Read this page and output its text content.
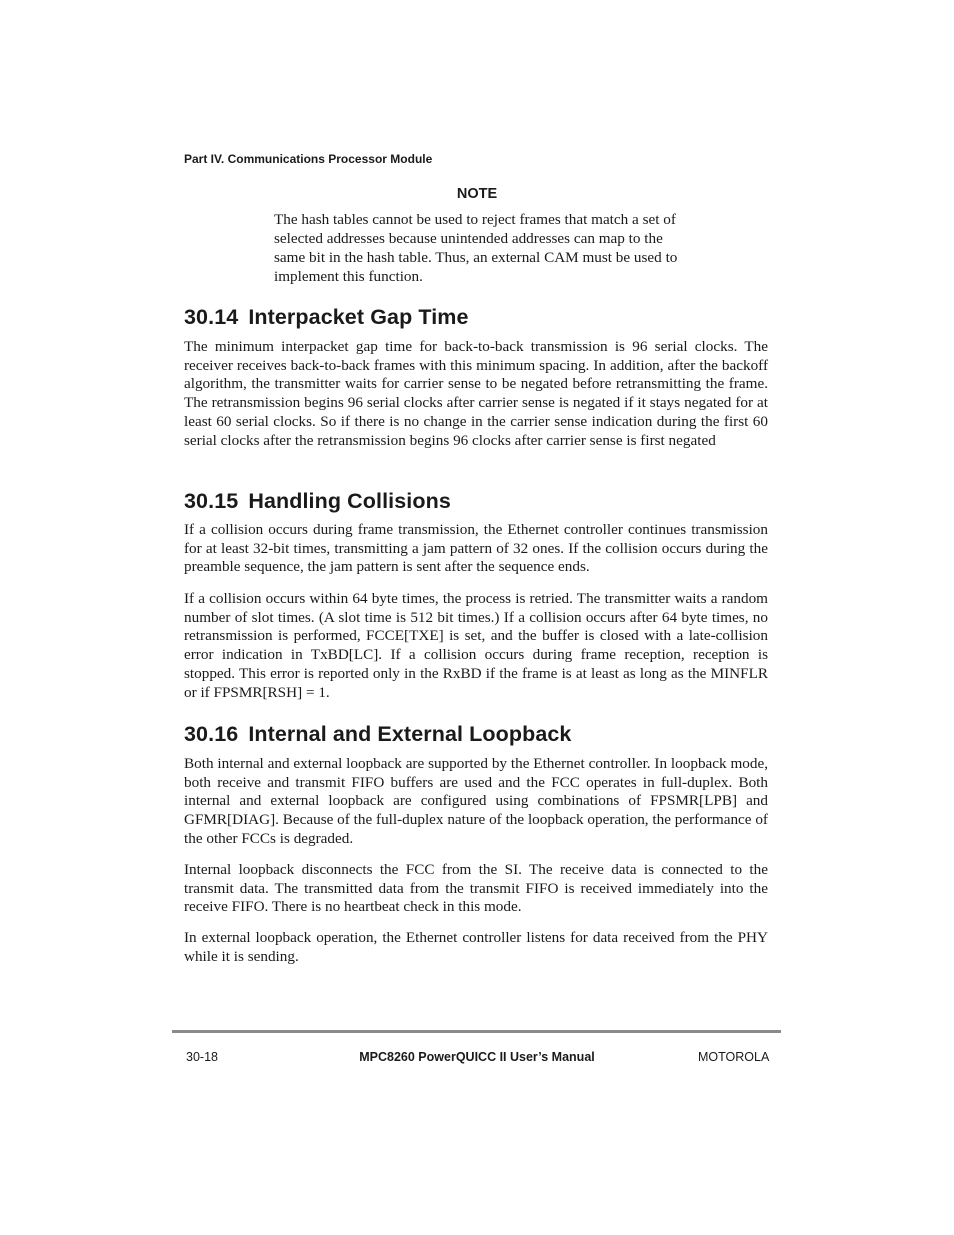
Part IV. Communications Processor Module
NOTE
The hash tables cannot be used to reject frames that match a set of selected addresses because unintended addresses can map to the same bit in the hash table. Thus, an external CAM must be used to implement this function.
30.14 Interpacket Gap Time

The minimum interpacket gap time for back-to-back transmission is 96 serial clocks. The receiver receives back-to-back frames with this minimum spacing. In addition, after the backoff algorithm, the transmitter waits for carrier sense to be negated before retransmitting the frame. The retransmission begins 96 serial clocks after carrier sense is negated if it stays negated for at least 60 serial clocks. So if there is no change in the carrier sense indication during the first 60 serial clocks after the retransmission begins 96 clocks after carrier sense is first negated

30.15 Handling Collisions

If a collision occurs during frame transmission, the Ethernet controller continues transmission for at least 32-bit times, transmitting a jam pattern of 32 ones. If the collision occurs during the preamble sequence, the jam pattern is sent after the sequence ends.

If a collision occurs within 64 byte times, the process is retried. The transmitter waits a random number of slot times. (A slot time is 512 bit times.) If a collision occurs after 64 byte times, no retransmission is performed, FCCE[TXE] is set, and the buffer is closed with a late-collision error indication in TxBD[LC]. If a collision occurs during frame reception, reception is stopped. This error is reported only in the RxBD if the frame is at least as long as the MINFLR or if FPSMR[RSH] = 1.

30.16 Internal and External Loopback

Both internal and external loopback are supported by the Ethernet controller. In loopback mode, both receive and transmit FIFO buffers are used and the FCC operates in full-duplex. Both internal and external loopback are configured using combinations of FPSMR[LPB] and GFMR[DIAG]. Because of the full-duplex nature of the loopback operation, the performance of the other FCCs is degraded.

Internal loopback disconnects the FCC from the SI. The receive data is connected to the transmit data. The transmitted data from the transmit FIFO is received immediately into the receive FIFO. There is no heartbeat check in this mode.

In external loopback operation, the Ethernet controller listens for data received from the PHY while it is sending.

30-18	MPC8260 PowerQUICC II User’s Manual	MOTOROLA
